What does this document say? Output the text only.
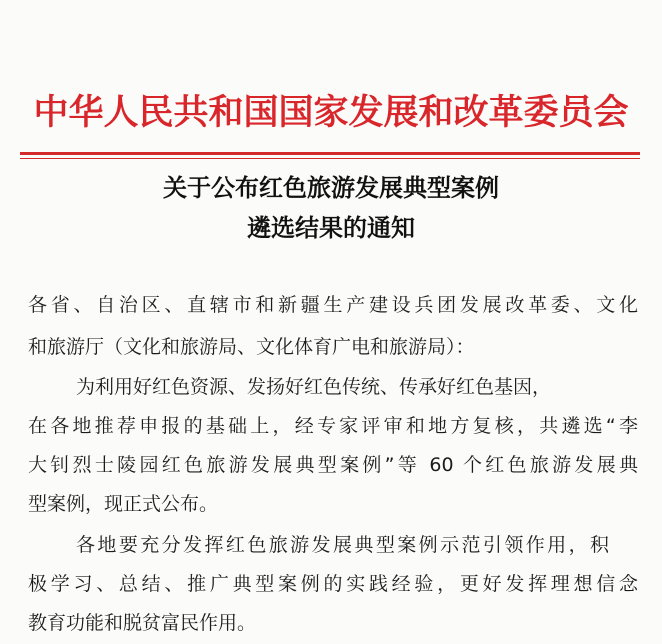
中华人民共和国国家发展和改革委员会
关于公布红色旅游发展典型案例
遴选结果的通知
各省、自治区、直辖市和新疆生产建设兵团发展改革委、文化
和旅游厅（文化和旅游局、文化体育广电和旅游局）：
为利用好红色资源、发扬好红色传统、传承好红色基因，
在各地推荐申报的基础上，经专家评审和地方复核，共遴选“李
大钊烈士陵园红色旅游发展典型案例”等 60 个红色旅游发展典
型案例，现正式公布。
各地要充分发挥红色旅游发展典型案例示范引领作用，积
极学习、总结、推广典型案例的实践经验，更好发挥理想信念
教育功能和脱贫富民作用。
